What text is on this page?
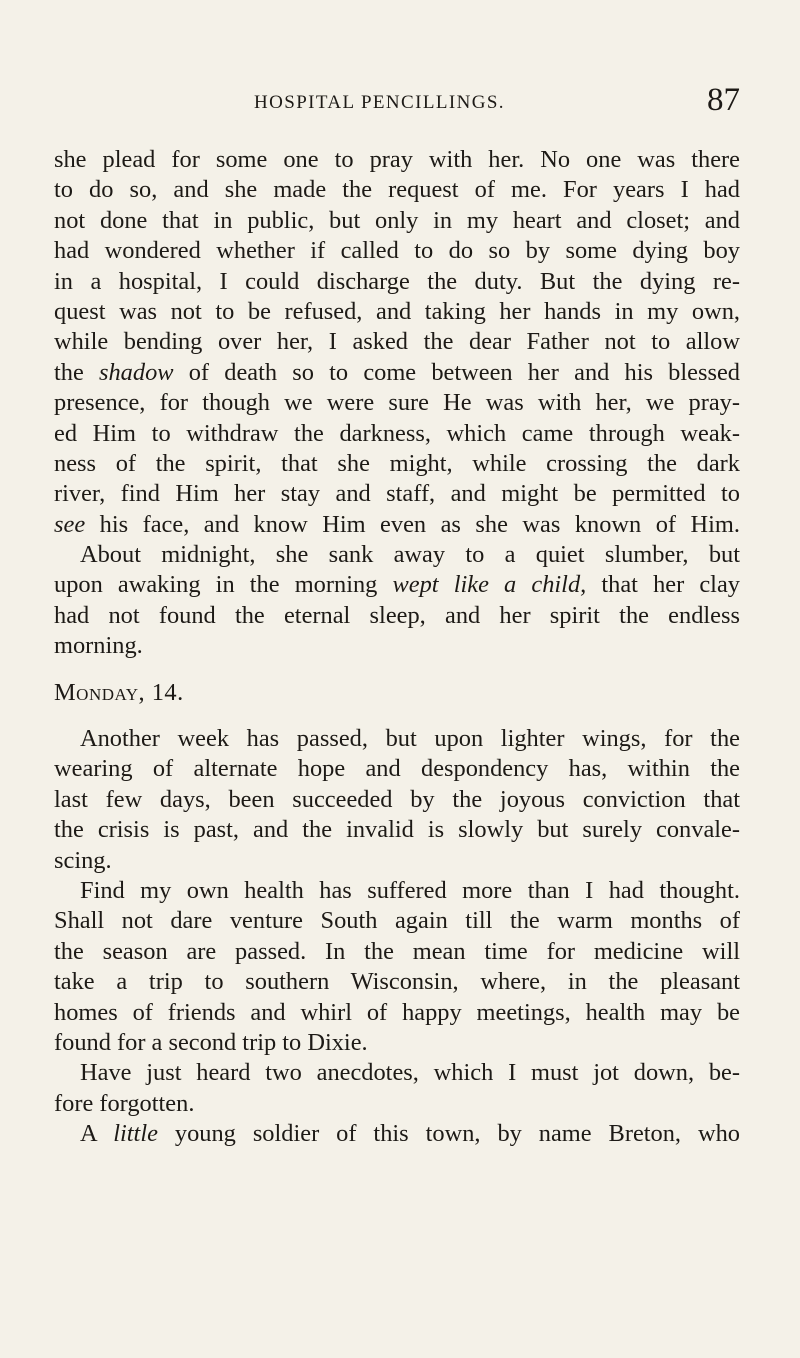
HOSPITAL PENCILLINGS.	87
she plead for some one to pray with her. No one was there
to do so, and she made the request of me. For years I had
not done that in public, but only in my heart and closet; and
had wondered whether if called to do so by some dying boy
in a hospital, I could discharge the duty. But the dying re-
quest was not to be refused, and taking her hands in my own,
while bending over her, I asked the dear Father not to allow
the shadow of death so to come between her and his blessed
presence, for though we were sure He was with her, we pray-
ed Him to withdraw the darkness, which came through weak-
ness of the spirit, that she might, while crossing the dark
river, find Him her stay and staff, and might be permitted to
see his face, and know Him even as she was known of Him.
About midnight, she sank away to a quiet slumber, but
upon awaking in the morning wept like a child, that her clay
had not found the eternal sleep, and her spirit the endless
morning.
Monday, 14.
Another week has passed, but upon lighter wings, for the
wearing of alternate hope and despondency has, within the
last few days, been succeeded by the joyous conviction that
the crisis is past, and the invalid is slowly but surely convale-
scing.
Find my own health has suffered more than I had thought.
Shall not dare venture South again till the warm months of
the season are passed. In the mean time for medicine will
take a trip to southern Wisconsin, where, in the pleasant
homes of friends and whirl of happy meetings, health may be
found for a second trip to Dixie.
Have just heard two anecdotes, which I must jot down, be-
fore forgotten.
A little young soldier of this town, by name Breton, who
